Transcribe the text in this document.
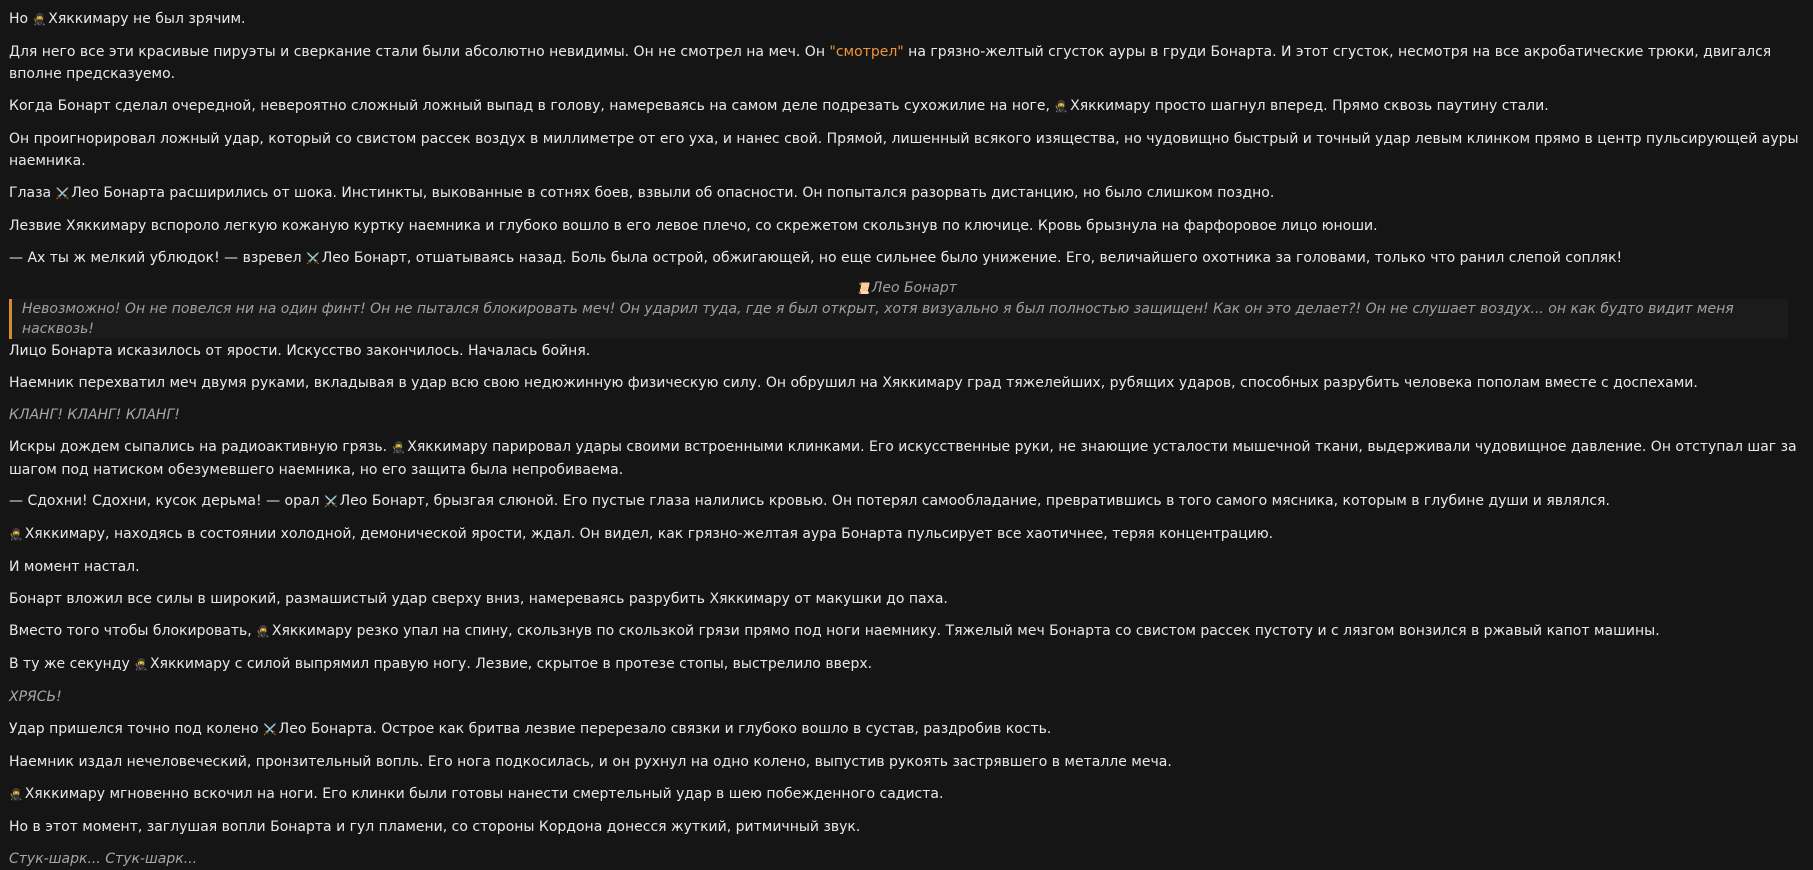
Но 🥷 Хяккимару не был зрячим.
Для него все эти красивые пируэты и сверкание стали были абсолютно невидимы. Он не смотрел на меч. Он "смотрел" на грязно-желтый сгусток ауры в груди Бонарта. И этот сгусток, несмотря на все акробатические трюки, двигался вполне предсказуемо.
Когда Бонарт сделал очередной, невероятно сложный ложный выпад в голову, намереваясь на самом деле подрезать сухожилие на ноге, 🥷 Хяккимару просто шагнул вперед. Прямо сквозь паутину стали.
Он проигнорировал ложный удар, который со свистом рассек воздух в миллиметре от его уха, и нанес свой. Прямой, лишенный всякого изящества, но чудовищно быстрый и точный удар левым клинком прямо в центр пульсирующей ауры наемника.
Глаза ⚔️ Лео Бонарта расширились от шока. Инстинкты, выкованные в сотнях боев, взвыли об опасности. Он попытался разорвать дистанцию, но было слишком поздно.
Лезвие Хяккимару вспороло легкую кожаную куртку наемника и глубоко вошло в его левое плечо, со скрежетом скользнув по ключице. Кровь брызнула на фарфоровое лицо юноши.
— Ах ты ж мелкий ублюдок! — взревел ⚔️ Лео Бонарт, отшатываясь назад. Боль была острой, обжигающей, но еще сильнее было унижение. Его, величайшего охотника за головами, только что ранил слепой сопляк!
📜 Лео Бонарт
Невозможно! Он не повелся ни на один финт! Он не пытался блокировать меч! Он ударил туда, где я был открыт, хотя визуально я был полностью защищен! Как он это делает?! Он не слушает воздух... он как будто видит меня насквозь!
Лицо Бонарта исказилось от ярости. Искусство закончилось. Началась бойня.
Наемник перехватил меч двумя руками, вкладывая в удар всю свою недюжинную физическую силу. Он обрушил на Хяккимару град тяжелейших, рубящих ударов, способных разрубить человека пополам вместе с доспехами.
КЛАНГ! КЛАНГ! КЛАНГ!
Искры дождем сыпались на радиоактивную грязь. 🥷 Хяккимару парировал удары своими встроенными клинками. Его искусственные руки, не знающие усталости мышечной ткани, выдерживали чудовищное давление. Он отступал шаг за шагом под натиском обезумевшего наемника, но его защита была непробиваема.
— Сдохни! Сдохни, кусок дерьма! — орал ⚔️ Лео Бонарт, брызгая слюной. Его пустые глаза налились кровью. Он потерял самообладание, превратившись в того самого мясника, которым в глубине души и являлся.
🥷 Хяккимару, находясь в состоянии холодной, демонической ярости, ждал. Он видел, как грязно-желтая аура Бонарта пульсирует все хаотичнее, теряя концентрацию.
И момент настал.
Бонарт вложил все силы в широкий, размашистый удар сверху вниз, намереваясь разрубить Хяккимару от макушки до паха.
Вместо того чтобы блокировать, 🥷 Хяккимару резко упал на спину, скользнув по скользкой грязи прямо под ноги наемнику. Тяжелый меч Бонарта со свистом рассек пустоту и с лязгом вонзился в ржавый капот машины.
В ту же секунду 🥷 Хяккимару с силой выпрямил правую ногу. Лезвие, скрытое в протезе стопы, выстрелило вверх.
ХРЯСЬ!
Удар пришелся точно под колено ⚔️ Лео Бонарта. Острое как бритва лезвие перерезало связки и глубоко вошло в сустав, раздробив кость.
Наемник издал нечеловеческий, пронзительный вопль. Его нога подкосилась, и он рухнул на одно колено, выпустив рукоять застрявшего в металле меча.
🥷 Хяккимару мгновенно вскочил на ноги. Его клинки были готовы нанести смертельный удар в шею побежденного садиста.
Но в этот момент, заглушая вопли Бонарта и гул пламени, со стороны Кордона донесся жуткий, ритмичный звук.
Стук-шарк... Стук-шарк...
